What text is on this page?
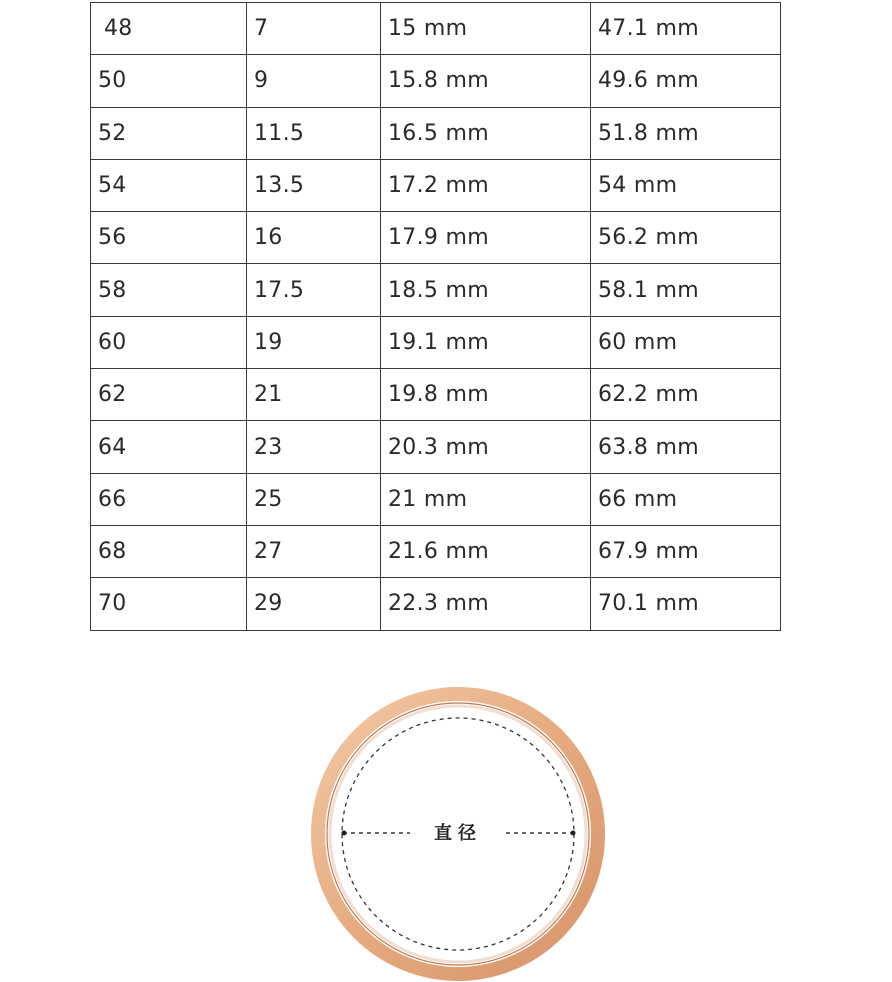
48	7	15 mm	47.1 mm
50	9	15.8 mm	49.6 mm
52	11.5	16.5 mm	51.8 mm
54	13.5	17.2 mm	54 mm
56	16	17.9 mm	56.2 mm
58	17.5	18.5 mm	58.1 mm
60	19	19.1 mm	60 mm
62	21	19.8 mm	62.2 mm
64	23	20.3 mm	63.8 mm
66	25	21 mm	66 mm
68	27	21.6 mm	67.9 mm
70	29	22.3 mm	70.1 mm
直径
